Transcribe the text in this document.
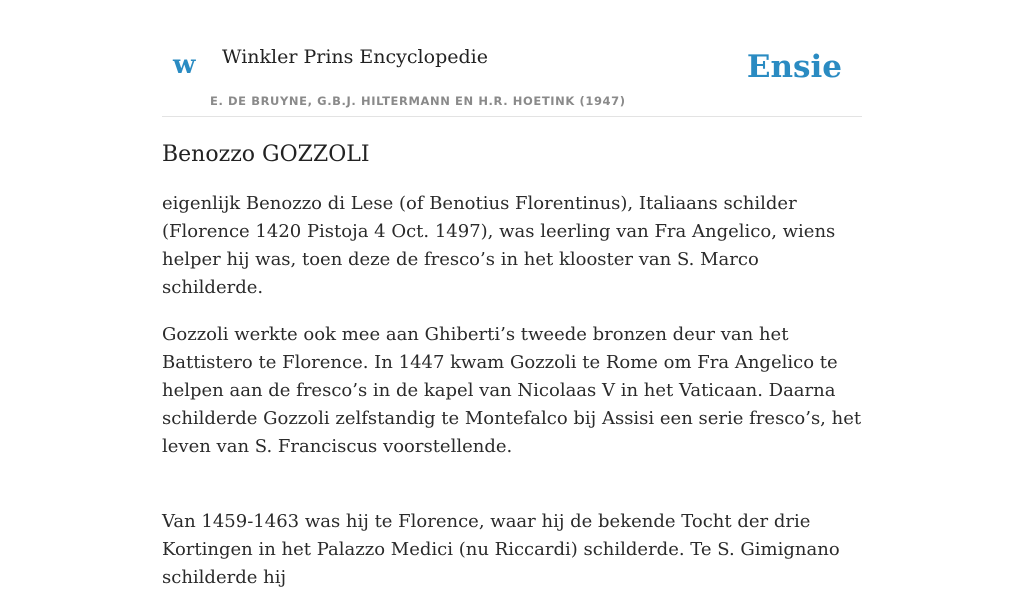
w Winkler Prins Encyclopedie
E. DE BRUYNE, G.B.J. HILTERMANN EN H.R. HOETINK (1947)
Ensie
Benozzo GOZZOLI

eigenlijk Benozzo di Lese (of Benotius Florentinus), Italiaans schilder (Florence 1420 Pistoja 4 Oct. 1497), was leerling van Fra Angelico, wiens helper hij was, toen deze de fresco’s in het klooster van S. Marco schilderde.

Gozzoli werkte ook mee aan Ghiberti’s tweede bronzen deur van het Battistero te Florence. In 1447 kwam Gozzoli te Rome om Fra Angelico te helpen aan de fresco’s in de kapel van Nicolaas V in het Vaticaan. Daarna schilderde Gozzoli zelfstandig te Montefalco bij Assisi een serie fresco’s, het leven van S. Franciscus voorstellende.

Van 1459-1463 was hij te Florence, waar hij de bekende Tocht der drie Kortingen in het Palazzo Medici (nu Riccardi) schilderde. Te S. Gimignano schilderde hij
